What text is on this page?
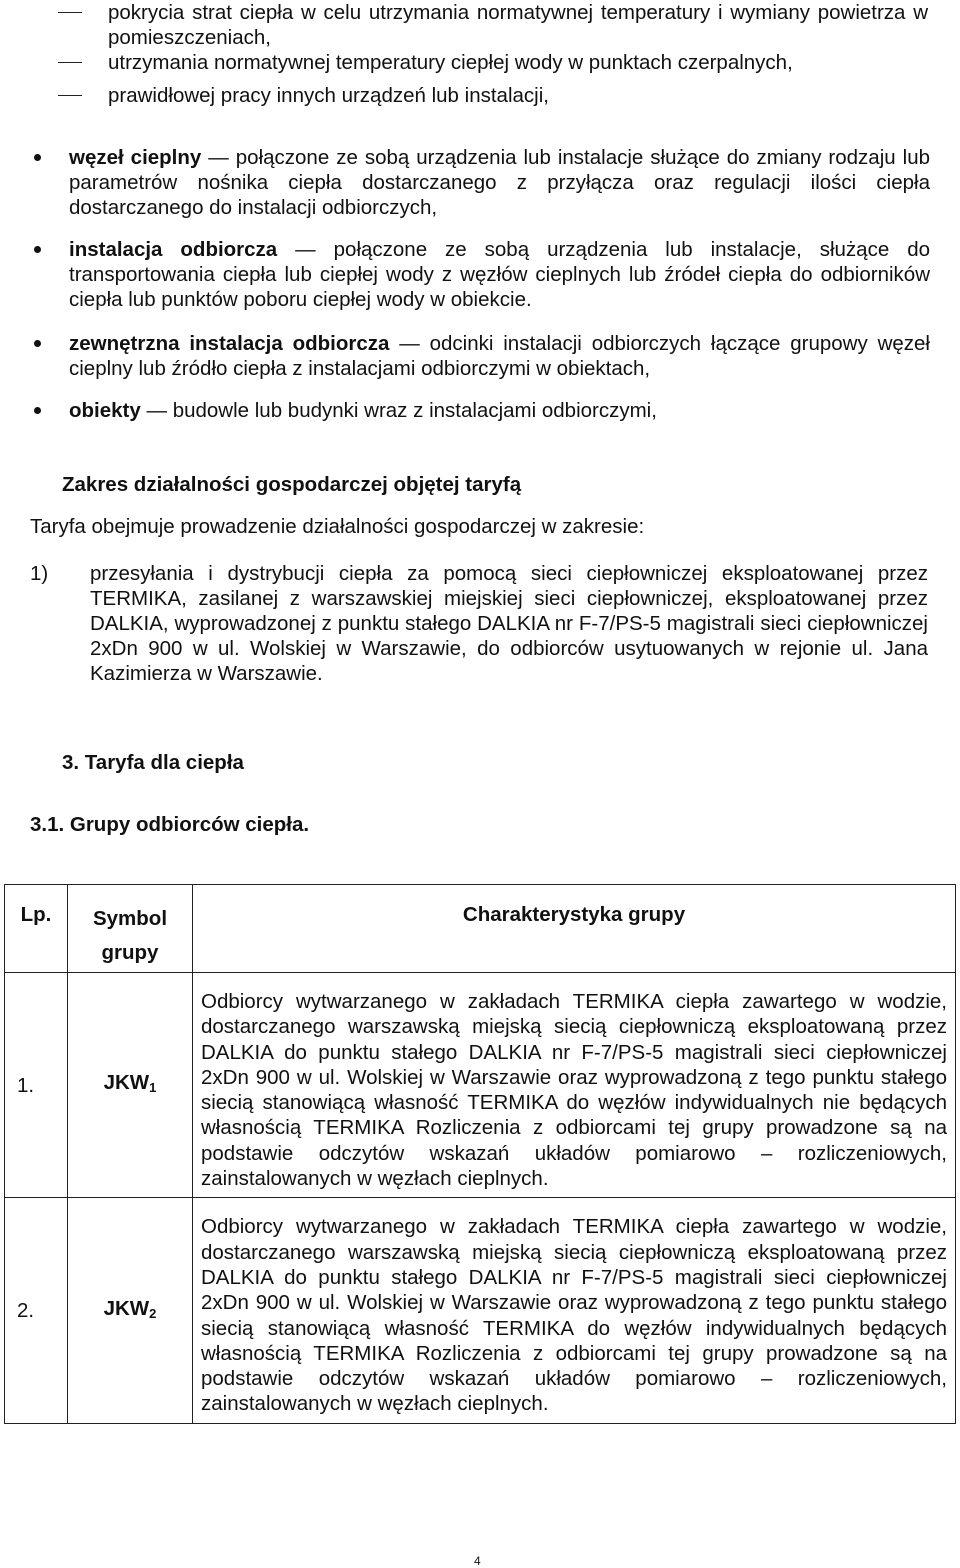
pokrycia strat ciepła w celu utrzymania normatywnej temperatury i wymiany powietrza w pomieszczeniach,
utrzymania normatywnej temperatury ciepłej wody w punktach czerpalnych,
prawidłowej pracy innych urządzeń lub instalacji,
węzeł cieplny — połączone ze sobą urządzenia lub instalacje służące do zmiany rodzaju lub parametrów nośnika ciepła dostarczanego z przyłącza oraz regulacji ilości ciepła dostarczanego do instalacji odbiorczych,
instalacja odbiorcza — połączone ze sobą urządzenia lub instalacje, służące do transportowania ciepła lub ciepłej wody z węzłów cieplnych lub źródeł ciepła do odbiorników ciepła lub punktów poboru ciepłej wody w obiekcie.
zewnętrzna instalacja odbiorcza — odcinki instalacji odbiorczych łączące grupowy węzeł cieplny lub źródło ciepła z instalacjami odbiorczymi w obiektach,
obiekty — budowle lub budynki wraz z instalacjami odbiorczymi,
Zakres działalności gospodarczej objętej taryfą
Taryfa obejmuje prowadzenie działalności gospodarczej w zakresie:
1) przesyłania i dystrybucji ciepła za pomocą sieci ciepłowniczej eksploatowanej przez TERMIKA, zasilanej z warszawskiej miejskiej sieci ciepłowniczej, eksploatowanej przez DALKIA, wyprowadzonej z punktu stałego DALKIA nr F-7/PS-5 magistrali sieci ciepłowniczej 2xDn 900 w ul. Wolskiej w Warszawie, do odbiorców usytuowanych w rejonie ul. Jana Kazimierza w Warszawie.
3. Taryfa dla ciepła
3.1. Grupy odbiorców ciepła.
Lp.	Symbol grupy	Charakterystyka grupy
1.	$JKW_1$	Odbiorcy wytwarzanego w zakładach TERMIKA ciepła zawartego w wodzie, dostarczanego warszawską miejską siecią ciepłowniczą eksploatowaną przez DALKIA do punktu stałego DALKIA nr F-7/PS-5 magistrali sieci ciepłowniczej 2xDn 900 w ul. Wolskiej w Warszawie oraz wyprowadzoną z tego punktu stałego siecią stanowiącą własność TERMIKA do węzłów indywidualnych nie będących własnością TERMIKA Rozliczenia z odbiorcami tej grupy prowadzone są na podstawie odczytów wskazań układów pomiarowo – rozliczeniowych, zainstalowanych w węzłach cieplnych.
2.	$JKW_2$	Odbiorcy wytwarzanego w zakładach TERMIKA ciepła zawartego w wodzie, dostarczanego warszawską miejską siecią ciepłowniczą eksploatowaną przez DALKIA do punktu stałego DALKIA nr F-7/PS-5 magistrali sieci ciepłowniczej 2xDn 900 w ul. Wolskiej w Warszawie oraz wyprowadzoną z tego punktu stałego siecią stanowiącą własność TERMIKA do węzłów indywidualnych będących własnością TERMIKA Rozliczenia z odbiorcami tej grupy prowadzone są na podstawie odczytów wskazań układów pomiarowo – rozliczeniowych, zainstalowanych w węzłach cieplnych.
4
